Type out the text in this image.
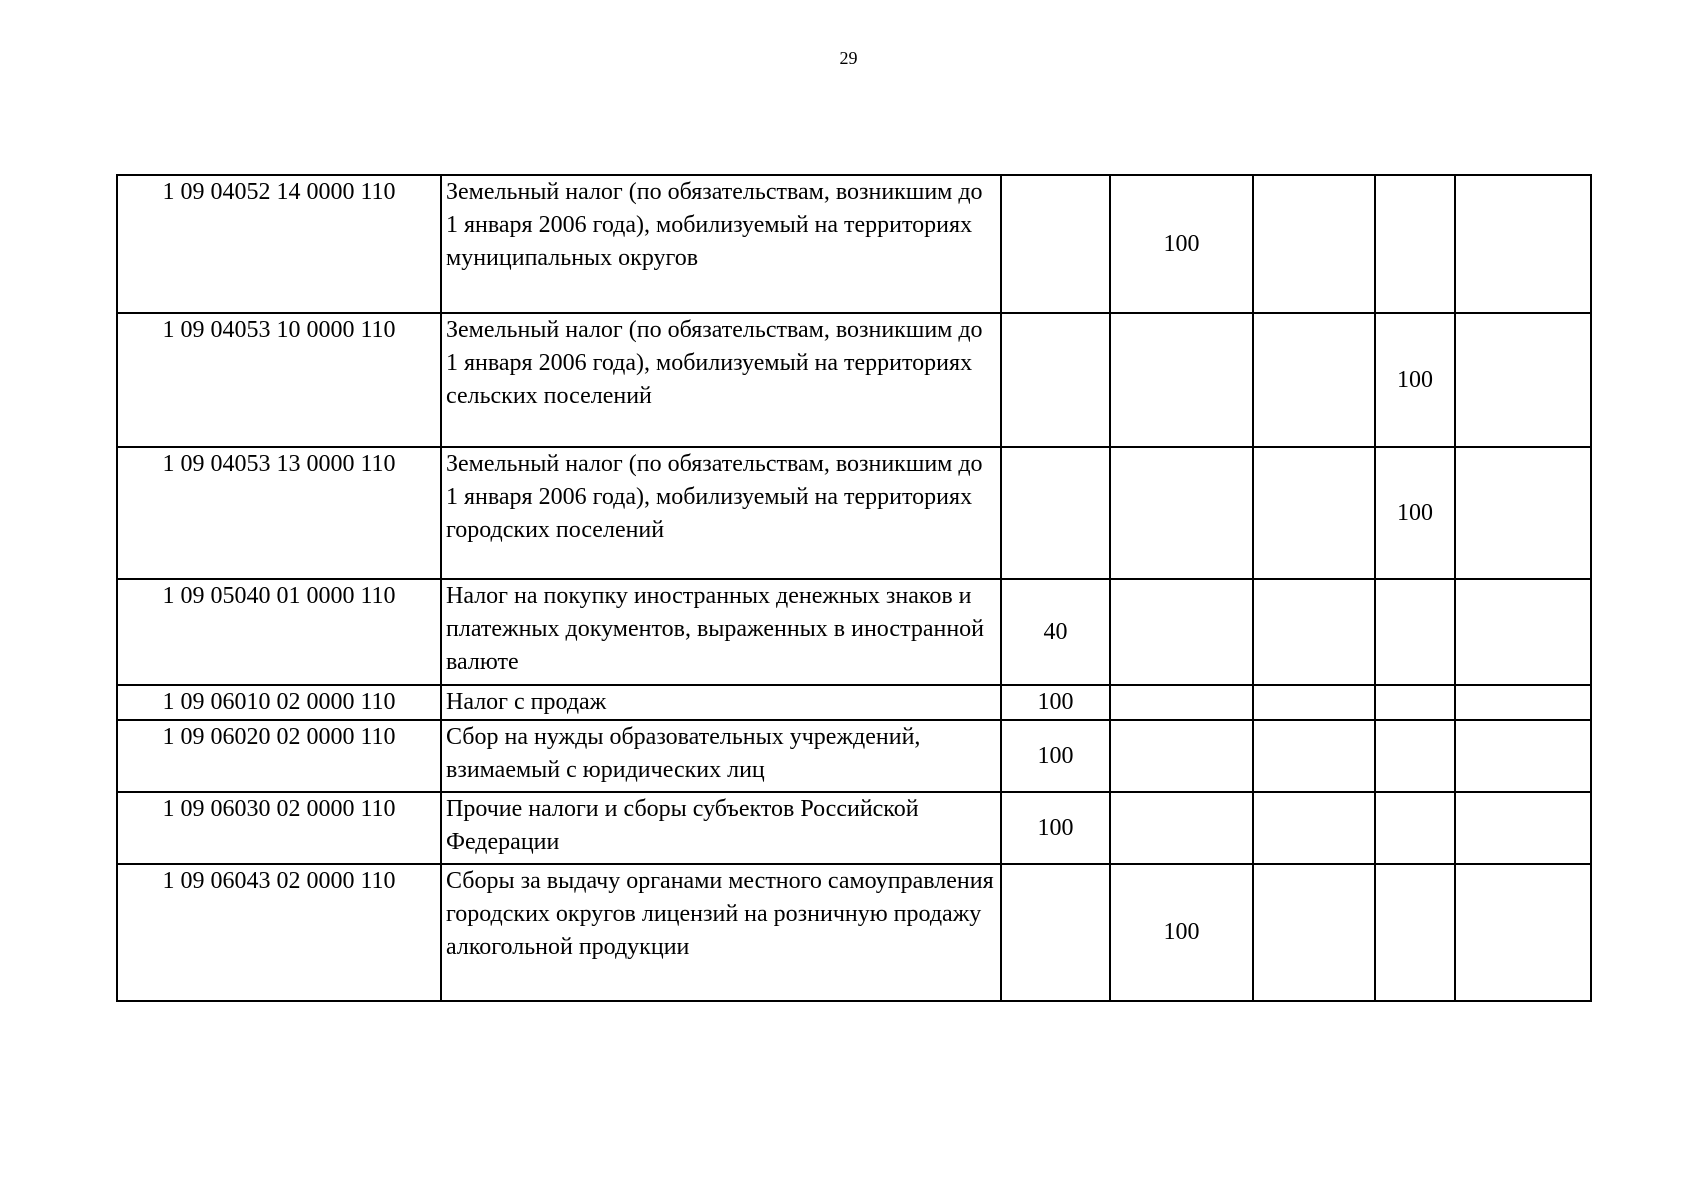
29
1 09 04052 14 0000 110	Земельный налог (по обязательствам, возникшим до 1 января 2006 года), мобилизуемый на территориях муниципальных округов		100			
1 09 04053 10 0000 110	Земельный налог (по обязательствам, возникшим до 1 января 2006 года), мобилизуемый на территориях сельских поселений				100	
1 09 04053 13 0000 110	Земельный налог (по обязательствам, возникшим до 1 января 2006 года), мобилизуемый на территориях городских поселений				100	
1 09 05040 01 0000 110	Налог на покупку иностранных денежных знаков и платежных документов, выраженных в иностранной валюте	40				
1 09 06010 02 0000 110	Налог с продаж	100				
1 09 06020 02 0000 110	Сбор на нужды образовательных учреждений, взимаемый с юридических лиц	100				
1 09 06030 02 0000 110	Прочие налоги и сборы субъектов Российской Федерации	100				
1 09 06043 02 0000 110	Сборы за выдачу органами местного самоуправления городских округов лицензий на розничную продажу алкогольной продукции		100			
